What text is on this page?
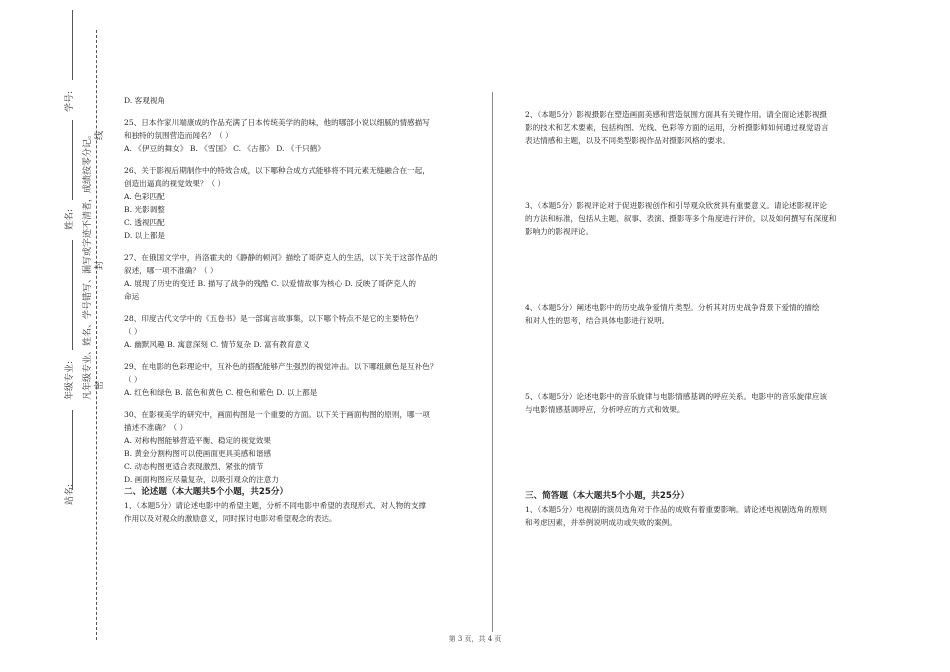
学号:
姓名:
年级专业:
站名:
凡年级专业、姓名、学号错写、漏写或字迹不清者，成绩按零分记。 线
封
密

D. 客观视角

25、日本作家川端康成的作品充满了日本传统美学的韵味，他的哪部小说以细腻的情感描写

和独特的氛围营造而闻名？（ ）

A. 《伊豆的舞女》 B. 《雪国》 C. 《古都》 D. 《千只鹤》

26、关于影视后期制作中的特效合成，以下哪种合成方式能够将不同元素无缝融合在一起，

创造出逼真的视觉效果？（ ）

A. 色彩匹配

B. 光影调整

C. 透视匹配

D. 以上都是

27、在俄国文学中，肖洛霍夫的《静静的顿河》描绘了哥萨克人的生活，以下关于这部作品的

叙述，哪一项不准确？（ ）

A. 展现了历史的变迁 B. 描写了战争的残酷 C. 以爱情故事为核心 D. 反映了哥萨克人的

命运

28、印度古代文学中的《五卷书》是一部寓言故事集，以下哪个特点不是它的主要特色？

（ ）

A. 幽默风趣 B. 寓意深刻 C. 情节复杂 D. 富有教育意义

29、在电影的色彩理论中，互补色的搭配能够产生强烈的视觉冲击。以下哪组颜色是互补色？

（ ）

A. 红色和绿色 B. 蓝色和黄色 C. 橙色和紫色 D. 以上都是

30、在影视美学的研究中，画面构图是一个重要的方面。以下关于画面构图的原则，哪一项

描述不准确？（ ）

A. 对称构图能够营造平衡、稳定的视觉效果

B. 黄金分割构图可以使画面更具美感和谐感

C. 动态构图更适合表现激烈、紧张的情节

D. 画面构图应尽量复杂，以吸引观众的注意力

二、论述题（本大题共5个小题，共25分）

1、（本题5分）请论述电影中的希望主题，分析不同电影中希望的表现形式、对人物的支撑

作用以及对观众的激励意义，同时探讨电影对希望观念的表达。

2、（本题5分）影视摄影在塑造画面美感和营造氛围方面具有关键作用。请全面论述影视摄

影的技术和艺术要素，包括构图、光线、色彩等方面的运用，分析摄影师如何通过视觉语言

表达情感和主题，以及不同类型影视作品对摄影风格的要求。

3、（本题5分）影视评论对于促进影视创作和引导观众欣赏具有重要意义。请论述影视评论

的方法和标准，包括从主题、叙事、表演、摄影等多个角度进行评价，以及如何撰写有深度和

影响力的影视评论。

4、（本题5分）阐述电影中的历史战争爱情片类型。分析其对历史战争背景下爱情的描绘

和对人性的思考，结合具体电影进行说明。

5、（本题5分）论述电影中的音乐旋律与电影情感基调的呼应关系。电影中的音乐旋律应该

与电影情感基调呼应，分析呼应的方式和效果。

三、简答题（本大题共5个小题，共25分）

1、（本题5分）电视剧的演员选角对于作品的成败有着重要影响。请论述电视剧选角的原则

和考虑因素，并举例说明成功或失败的案例。

第 3 页，共 4 页
